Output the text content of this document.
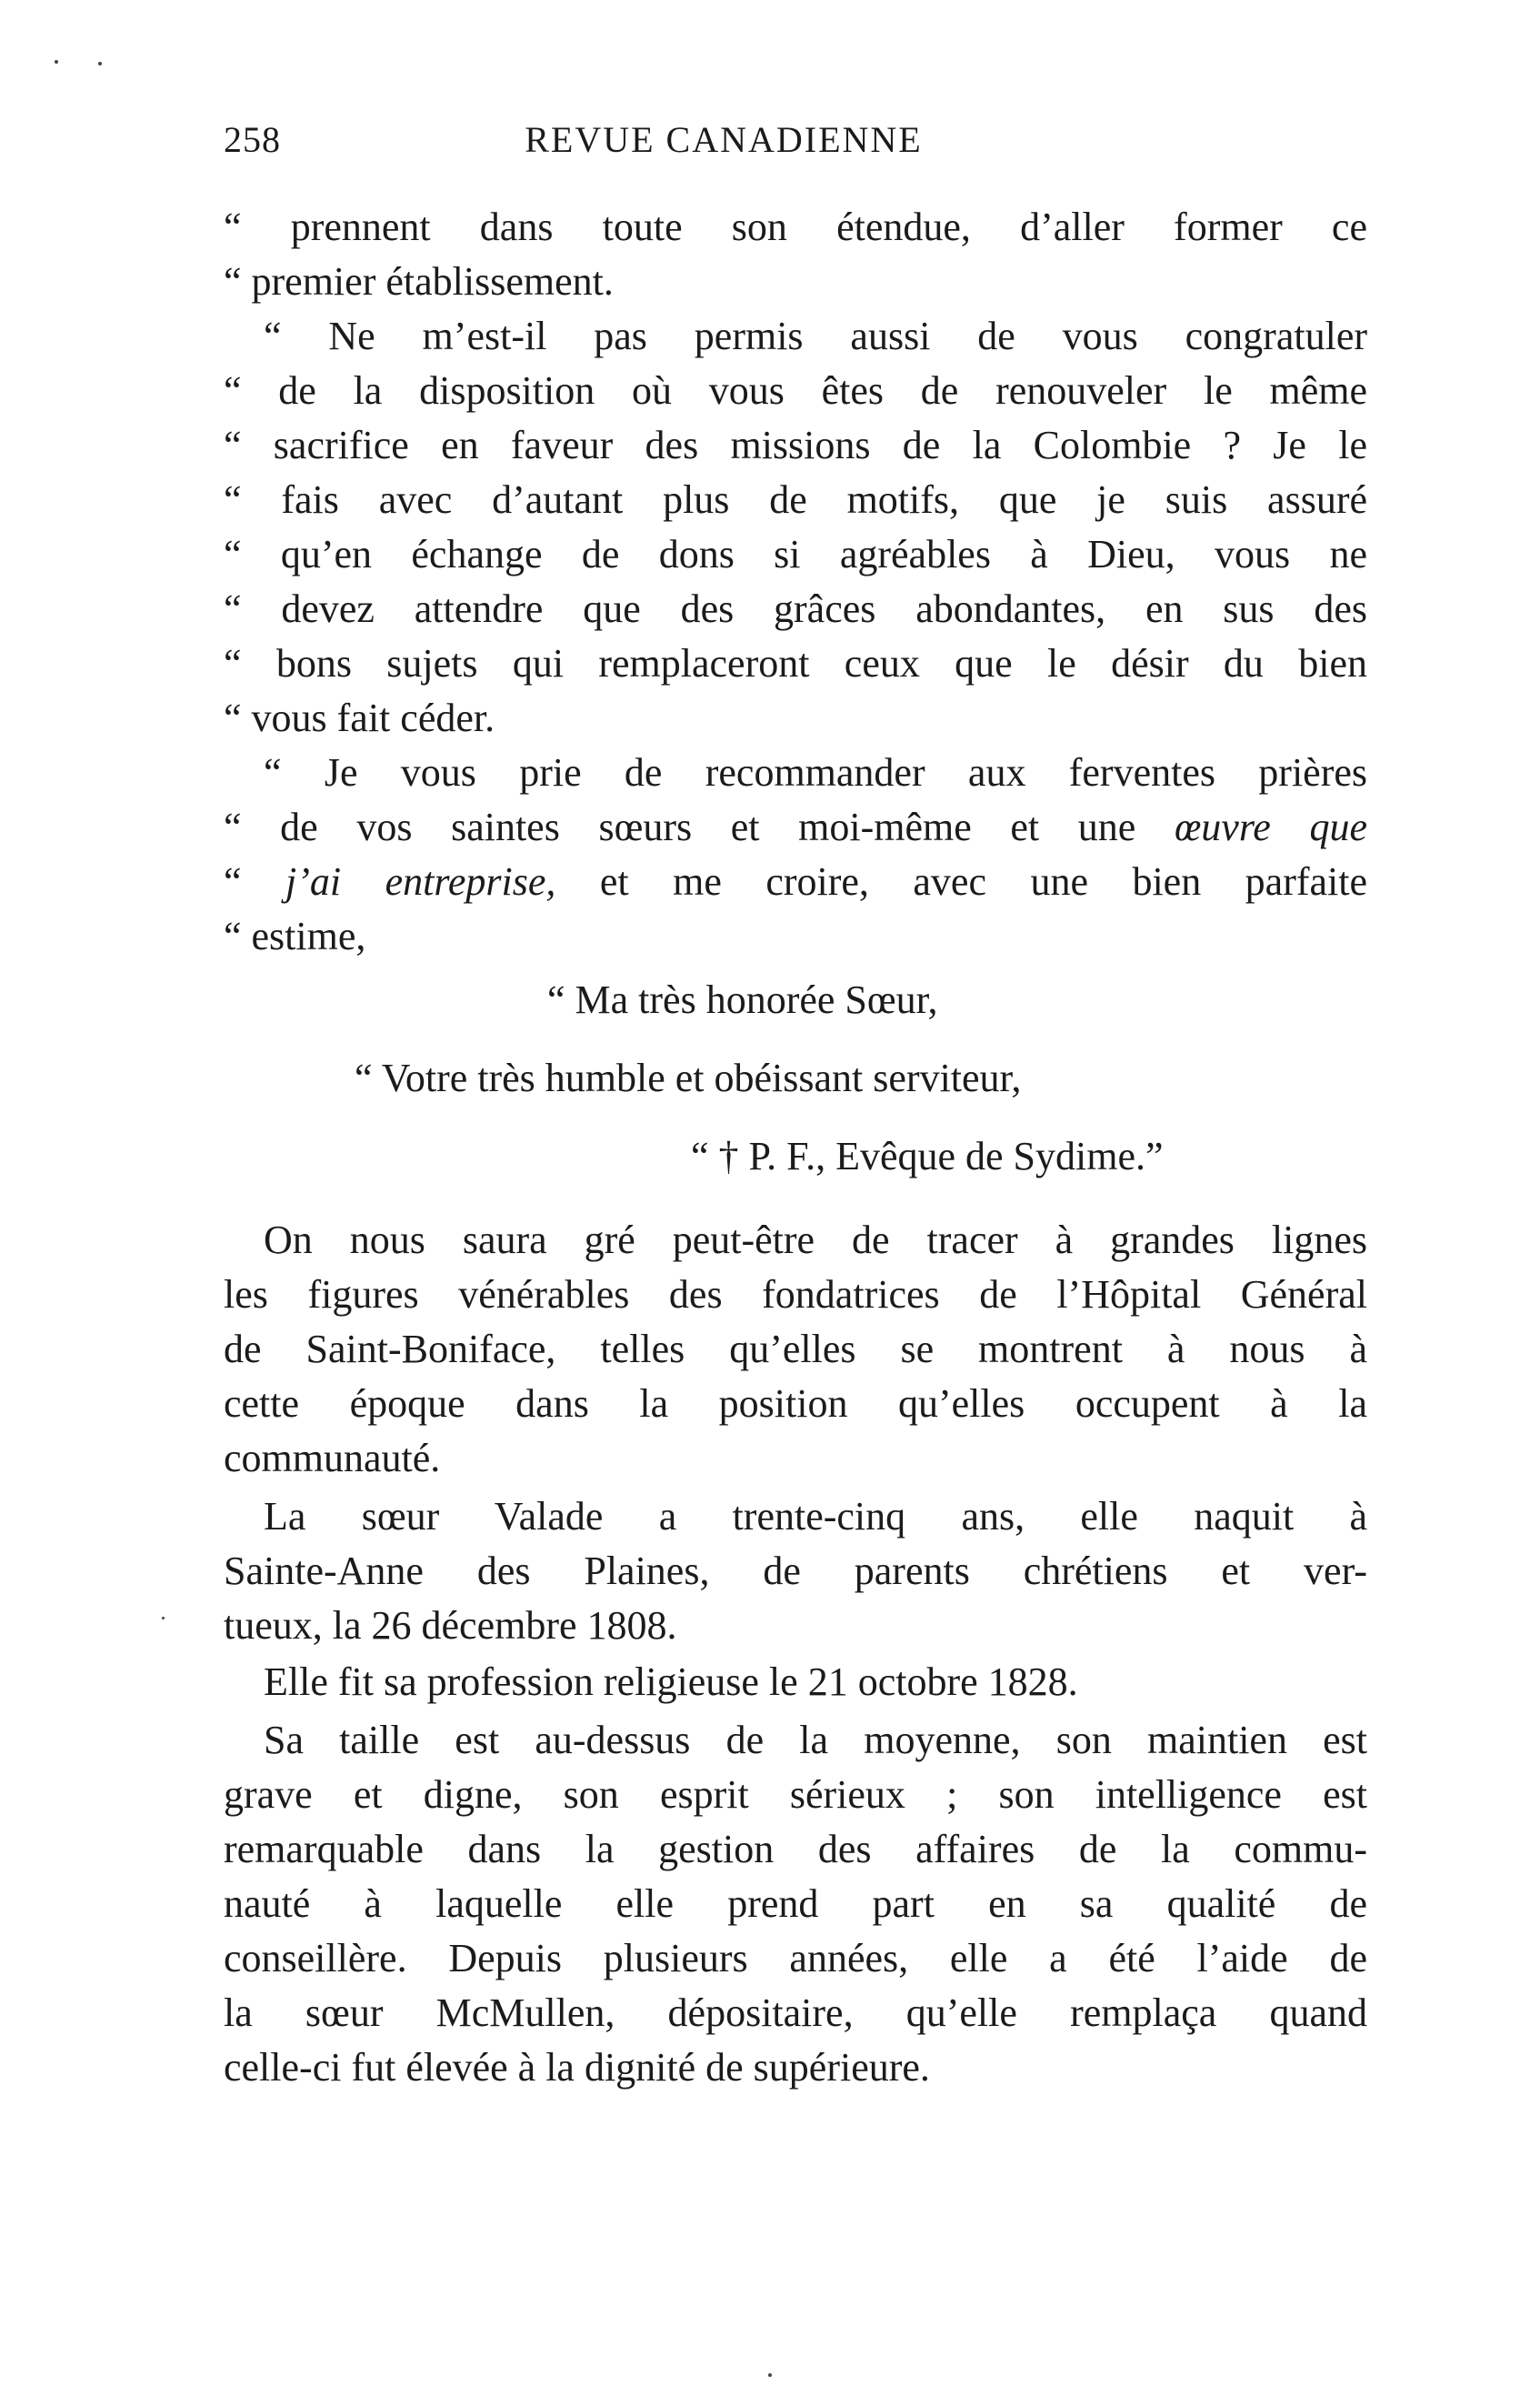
258	REVUE CANADIENNE
“ prennent dans toute son étendue, d’aller former ce
“ premier établissement.
“ Ne m’est-il pas permis aussi de vous congratuler
“ de la disposition où vous êtes de renouveler le même
“ sacrifice en faveur des missions de la Colombie ? Je le
“ fais avec d’autant plus de motifs, que je suis assuré
“ qu’en échange de dons si agréables à Dieu, vous ne
“ devez attendre que des grâces abondantes, en sus des
“ bons sujets qui remplaceront ceux que le désir du bien
“ vous fait céder.
“ Je vous prie de recommander aux ferventes prières
“ de vos saintes sœurs et moi-même et une œuvre que
“ j’ai entreprise, et me croire, avec une bien parfaite
“ estime,
“ Ma très honorée Sœur,
“ Votre très humble et obéissant serviteur,
“ † P. F., Evêque de Sydime.”
On nous saura gré peut-être de tracer à grandes lignes
les figures vénérables des fondatrices de l’Hôpital Général
de Saint-Boniface, telles qu’elles se montrent à nous à
cette époque dans la position qu’elles occupent à la
communauté.
La sœur Valade a trente-cinq ans, elle naquit à
Sainte-Anne des Plaines, de parents chrétiens et ver-
tueux, la 26 décembre 1808.
Elle fit sa profession religieuse le 21 octobre 1828.
Sa taille est au-dessus de la moyenne, son maintien est
grave et digne, son esprit sérieux ; son intelligence est
remarquable dans la gestion des affaires de la commu-
nauté à laquelle elle prend part en sa qualité de
conseillère. Depuis plusieurs années, elle a été l’aide de
la sœur McMullen, dépositaire, qu’elle remplaça quand
celle-ci fut élevée à la dignité de supérieure.
